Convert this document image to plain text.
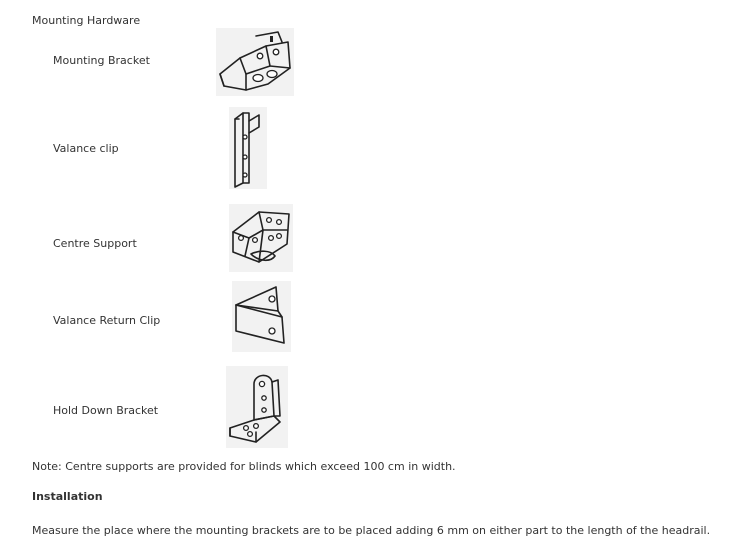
Mounting Hardware
Mounting Bracket
Valance clip
Centre Support
Valance Return Clip
Hold Down Bracket
Note: Centre supports are provided for blinds which exceed 100 cm in width.
Installation
Measure the place where the mounting brackets are to be placed adding 6 mm on either part to the length of the headrail.
